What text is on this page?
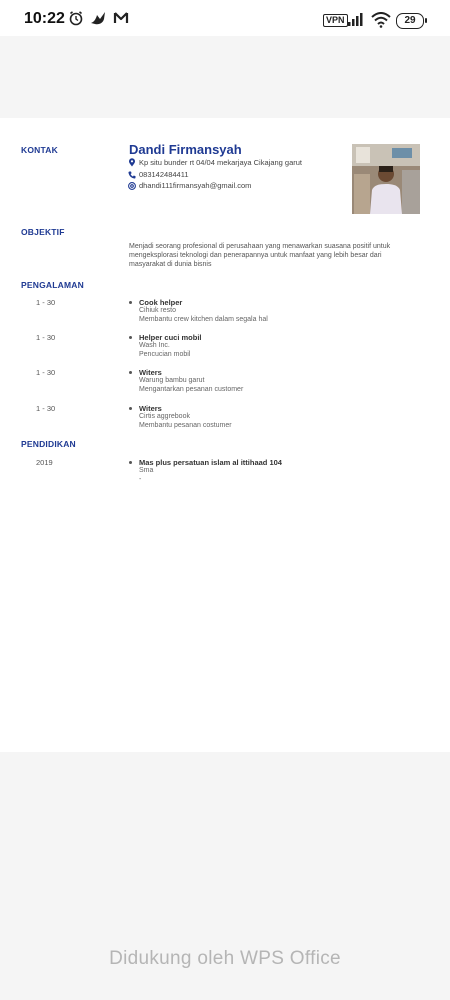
10:22	VPN	29
KONTAK	Dandi Firmansyah
Kp situ bunder rt 04/04 mekarjaya Cikajang garut
083142484411
dhandi111firmansyah@gmail.com
OBJEKTIF
Menjadi seorang profesional di perusahaan yang menawarkan suasana positif untuk mengeksplorasi teknologi dan penerapannya untuk manfaat yang lebih besar dari masyarakat di dunia bisnis
PENGALAMAN
1 - 30	Cook helper
Cihiuk resto
Membantu crew kitchen dalam segala hal
1 - 30	Helper cuci mobil
Wash Inc.
Pencucian mobil
1 - 30	Witers
Warung bambu garut
Mengantarkan pesanan customer
1 - 30	Witers
Cirtis aggrebook
Membantu pesanan costumer
PENDIDIKAN
2019	Mas plus persatuan islam al ittihaad 104
Sma
-
Didukung oleh WPS Office
